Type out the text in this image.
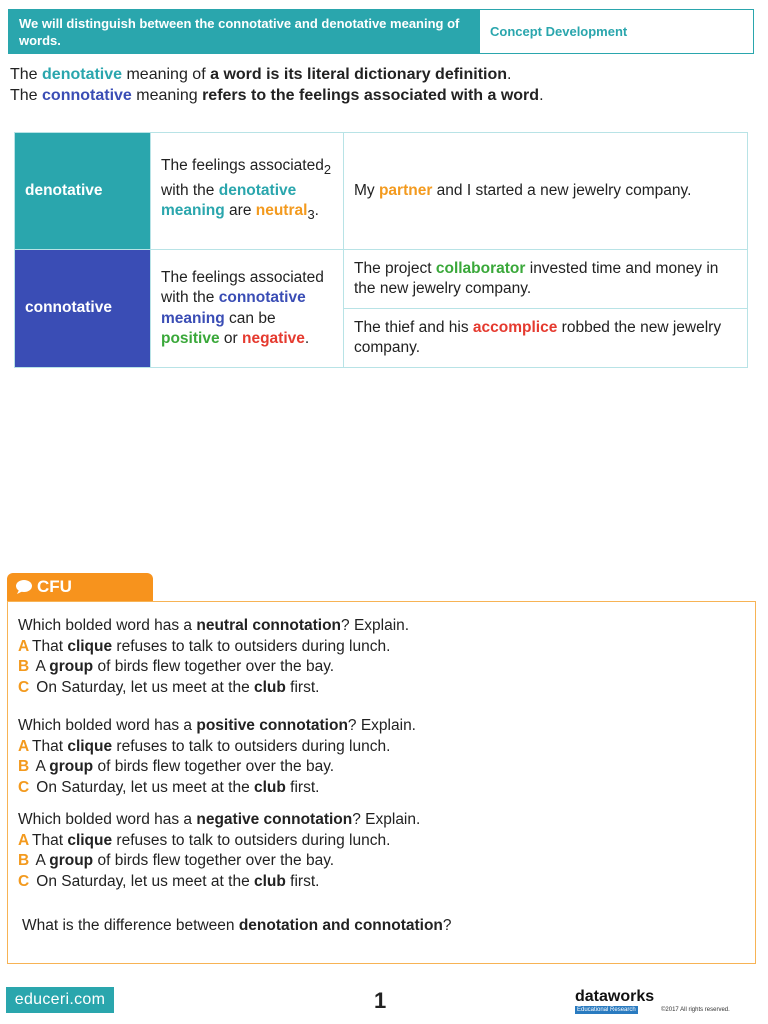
We will distinguish between the connotative and denotative meaning of words.
Concept Development
The denotative meaning of a word is its literal dictionary definition.
The connotative meaning refers to the feelings associated with a word.
denotative	The feelings associated$_2$ with the denotative meaning are neutral$_3$.	My partner and I started a new jewelry company.
connotative	The feelings associated with the connotative meaning can be positive or negative.	The project collaborator invested time and money in the new jewelry company.
		The thief and his accomplice robbed the new jewelry company.
CFU
Which bolded word has a neutral connotation? Explain.
A That clique refuses to talk to outsiders during lunch.
B A group of birds flew together over the bay.
C On Saturday, let us meet at the club first.
Which bolded word has a positive connotation? Explain.
A That clique refuses to talk to outsiders during lunch.
B A group of birds flew together over the bay.
C On Saturday, let us meet at the club first.
Which bolded word has a negative connotation? Explain.
A That clique refuses to talk to outsiders during lunch.
B A group of birds flew together over the bay.
C On Saturday, let us meet at the club first.
What is the difference between denotation and connotation?
educeri.com	1	dataworks
Educational Research	©2017 All rights reserved.
